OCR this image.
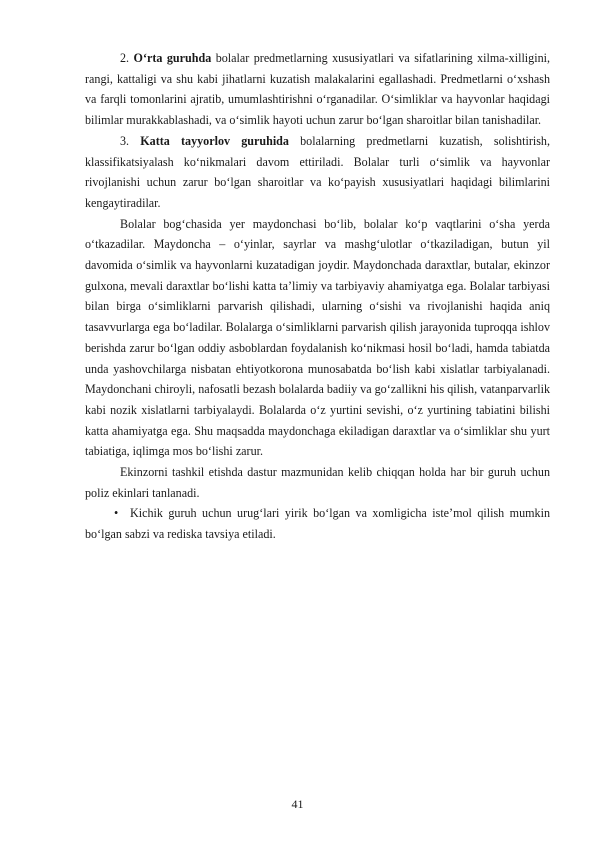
2. O‘rta guruhda bolalar predmetlarning xususiyatlari va sifatlarining xilma-xilligini, rangi, kattaligi va shu kabi jihatlarni kuzatish malakalarini egallashadi. Predmetlarni o‘xshash va farqli tomonlarini ajratib, umumlashtirishni o‘rganadilar. O‘simliklar va hayvonlar haqidagi bilimlar murakkablashadi, va o‘simlik hayoti uchun zarur bo‘lgan sharoitlar bilan tanishadilar.

3. Katta tayyorlov guruhida bolalarning predmetlarni kuzatish, solishtirish, klassifikatsiyalash ko‘nikmalari davom ettiriladi. Bolalar turli o‘simlik va hayvonlar rivojlanishi uchun zarur bo‘lgan sharoitlar va ko‘payish xususiyatlari haqidagi bilimlarini kengaytiradilar.

Bolalar bog‘chasida yer maydonchasi bo‘lib, bolalar ko‘p vaqtlarini o‘sha yerda o‘tkazadilar. Maydoncha – o‘yinlar, sayrlar va mashg‘ulotlar o‘tkaziladigan, butun yil davomida o‘simlik va hayvonlarni kuzatadigan joydir. Maydonchada daraxtlar, butalar, ekinzor gulxona, mevali daraxtlar bo‘lishi katta ta’limiy va tarbiyaviy ahamiyatga ega. Bolalar tarbiyasi bilan birga o‘simliklarni parvarish qilishadi, ularning o‘sishi va rivojlanishi haqida aniq tasavvurlarga ega bo‘ladilar. Bolalarga o‘simliklarni parvarish qilish jarayonida tuproqqa ishlov berishda zarur bo‘lgan oddiy asboblardan foydalanish ko‘nikmasi hosil bo‘ladi, hamda tabiatda unda yashovchilarga nisbatan ehtiyotkorona munosabatda bo‘lish kabi xislatlar tarbiyalanadi. Maydonchani chiroyli, nafosatli bezash bolalarda badiiy va go‘zallikni his qilish, vatanparvarlik kabi nozik xislatlarni tarbiyalaydi. Bolalarda o‘z yurtini sevishi, o‘z yurtining tabiatini bilishi katta ahamiyatga ega. Shu maqsadda maydonchaga ekiladigan daraxtlar va o‘simliklar shu yurt tabiatiga, iqlimga mos bo‘lishi zarur.

Ekinzorni tashkil etishda dastur mazmunidan kelib chiqqan holda har bir guruh uchun poliz ekinlari tanlanadi.

• Kichik guruh uchun urug‘lari yirik bo‘lgan va xomligicha iste’mol qilish mumkin bo‘lgan sabzi va rediska tavsiya etiladi.

41
